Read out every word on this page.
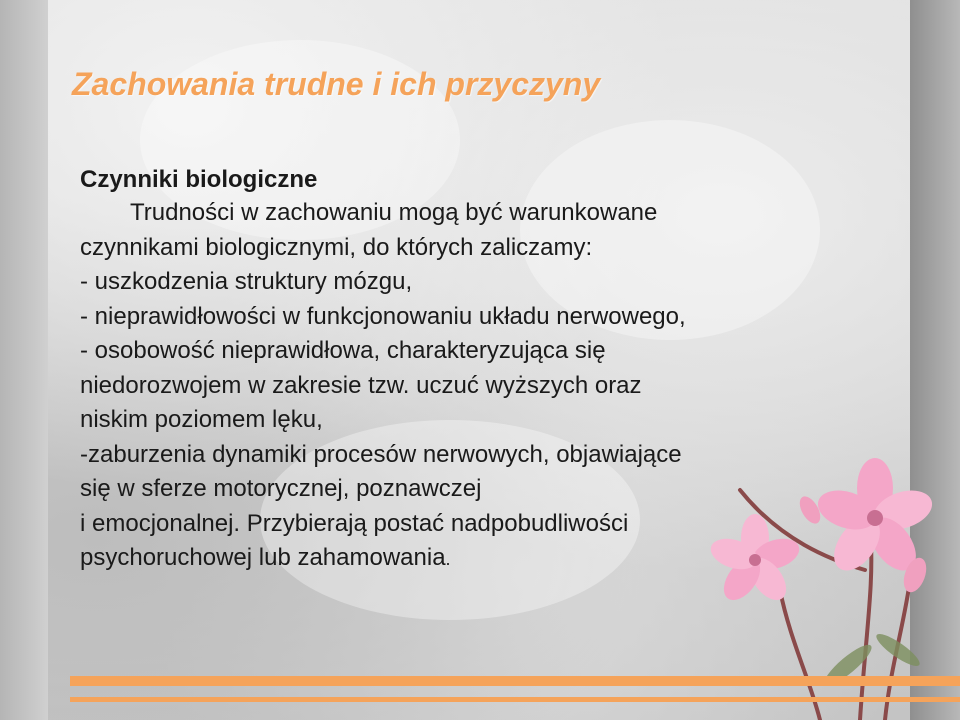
Zachowania trudne i ich przyczyny
Czynniki biologiczne
Trudności w zachowaniu mogą być warunkowane
czynnikami biologicznymi, do których zaliczamy:
- uszkodzenia struktury mózgu,
- nieprawidłowości w funkcjonowaniu układu nerwowego,
- osobowość nieprawidłowa, charakteryzująca się
niedorozwojem w zakresie tzw. uczuć wyższych oraz
niskim poziomem lęku,
-zaburzenia dynamiki procesów nerwowych, objawiające
się w sferze motorycznej, poznawczej
i emocjonalnej. Przybierają postać nadpobudliwości
psychoruchowej lub zahamowania.
